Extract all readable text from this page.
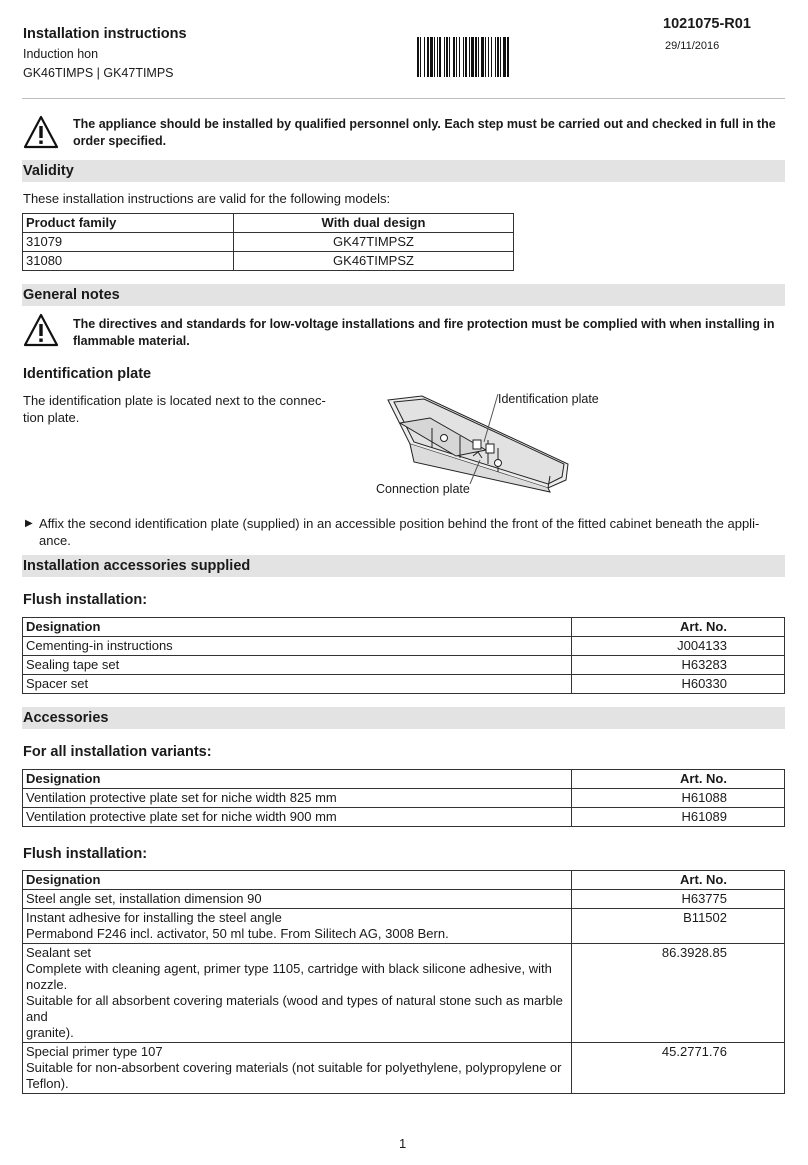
Installation instructions
Induction hon
GK46TIMPS | GK47TIMPS
1021075-R01
29/11/2016
The appliance should be installed by qualified personnel only. Each step must be carried out and checked in full in the order specified.
Validity
These installation instructions are valid for the following models:
Product family	With dual design
31079	GK47TIMPSZ
31080	GK46TIMPSZ
General notes
The directives and standards for low-voltage installations and fire protection must be complied with when installing in flammable material.
Identification plate
The identification plate is located next to the connec-tion plate.
Identification plate
Connection plate
▶ Affix the second identification plate (supplied) in an accessible position behind the front of the fitted cabinet beneath the appli-ance.
Installation accessories supplied
Flush installation:
Designation	Art. No.
Cementing-in instructions	J004133
Sealing tape set	H63283
Spacer set	H60330
Accessories
For all installation variants:
Designation	Art. No.
Ventilation protective plate set for niche width 825 mm	H61088
Ventilation protective plate set for niche width 900 mm	H61089
Flush installation:
Designation	Art. No.

Steel angle set, installation dimension 90	H63775

Instant adhesive for installing the steel angle
Permabond F246 incl. activator, 50 ml tube. From Silitech AG, 3008 Bern.	B11502

Sealant set
Complete with cleaning agent, primer type 1105, cartridge with black silicone adhesive, with nozzle.
Suitable for all absorbent covering materials (wood and types of natural stone such as marble and
granite).	86.3928.85

Special primer type 107
Suitable for non-absorbent covering materials (not suitable for polyethylene, polypropylene or Teflon).	45.2771.76
1
